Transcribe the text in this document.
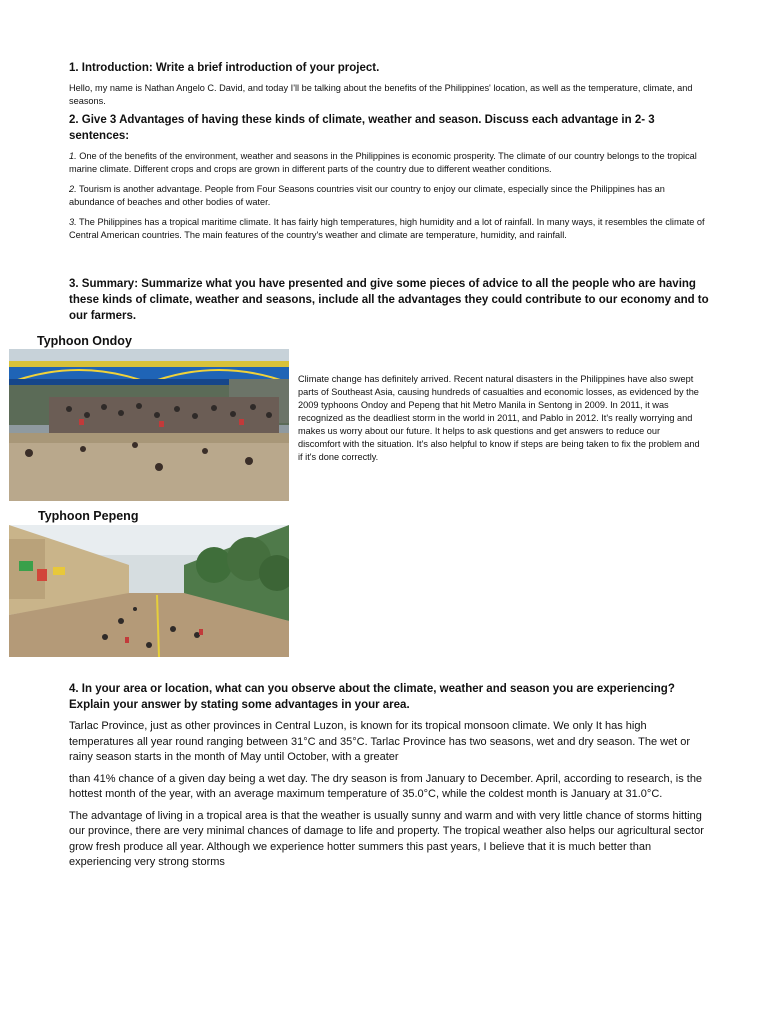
1. Introduction: Write a brief introduction of your project.

Hello, my name is Nathan Angelo C. David, and today I'll be talking about the benefits of the Philippines' location, as well as the temperature, climate, and seasons.

2. Give 3 Advantages of having these kinds of climate, weather and season. Discuss each advantage in 2- 3 sentences:

1. One of the benefits of the environment, weather and seasons in the Philippines is economic prosperity. The climate of our country belongs to the tropical marine climate. Different crops and crops are grown in different parts of the country due to different weather conditions.

2. Tourism is another advantage. People from Four Seasons countries visit our country to enjoy our climate, especially since the Philippines has an abundance of beaches and other bodies of water.

3. The Philippines has a tropical maritime climate. It has fairly high temperatures, high humidity and a lot of rainfall. In many ways, it resembles the climate of Central American countries. The main features of the country's weather and climate are temperature, humidity, and rainfall.

3. Summary: Summarize what you have presented and give some pieces of advice to all the people who are having these kinds of climate, weather and seasons, include all the advantages they could contribute to our economy and to our farmers.

Typhoon Ondoy

Climate change has definitely arrived. Recent natural disasters in the Philippines have also swept parts of Southeast Asia, causing hundreds of casualties and economic losses, as evidenced by the 2009 typhoons Ondoy and Pepeng that hit Metro Manila in Sentong in 2009. In 2011, it was recognized as the deadliest storm in the world in 2011, and Pablo in 2012. It's really worrying and makes us worry about our future. It helps to ask questions and get answers to reduce our discomfort with the situation. It's also helpful to know if steps are being taken to fix the problem and if it's done correctly.

Typhoon Pepeng

4. In your area or location, what can you observe about the climate, weather and season you are experiencing? Explain your answer by stating some advantages in your area.

Tarlac Province, just as other provinces in Central Luzon, is known for its tropical monsoon climate. We only It has high temperatures all year round ranging between 31°C and 35°C. Tarlac Province has two seasons, wet and dry season. The wet or rainy season starts in the month of May until October, with a greater

than 41% chance of a given day being a wet day. The dry season is from January to December. April, according to research, is the hottest month of the year, with an average maximum temperature of 35.0°C, while the coldest month is January at 31.0°C.

The advantage of living in a tropical area is that the weather is usually sunny and warm and with very little chance of storms hitting our province, there are very minimal chances of damage to life and property. The tropical weather also helps our agricultural sector grow fresh produce all year. Although we experience hotter summers this past years, I believe that it is much better than experiencing very strong storms
